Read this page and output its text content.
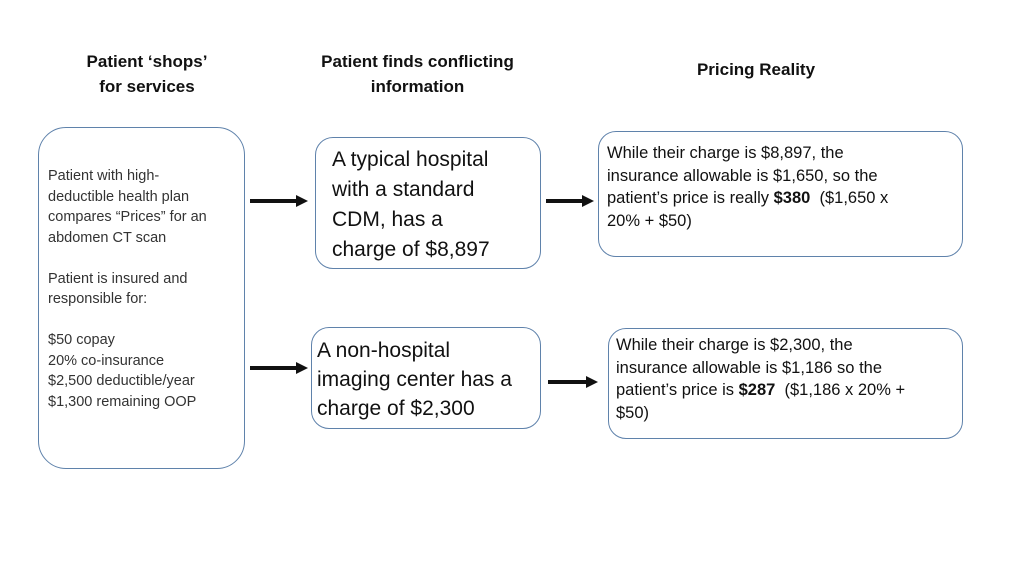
Patient ‘shops’
for services
Patient finds conflicting
information
Pricing Reality
Patient with high-
deductible health plan
compares “Prices” for an
abdomen CT scan
Patient is insured and
responsible for:
$50 copay
20% co-insurance
$2,500 deductible/year
$1,300 remaining OOP
A typical hospital
with a standard
CDM, has a
charge of $8,897
A non-hospital
imaging center has a
charge of $2,300
While their charge is $8,897, the
insurance allowable is $1,650, so the
patient’s price is really $380  ($1,650 x
20% + $50)
While their charge is $2,300, the
insurance allowable is $1,186 so the
patient’s price is $287  ($1,186 x 20% +
$50)
